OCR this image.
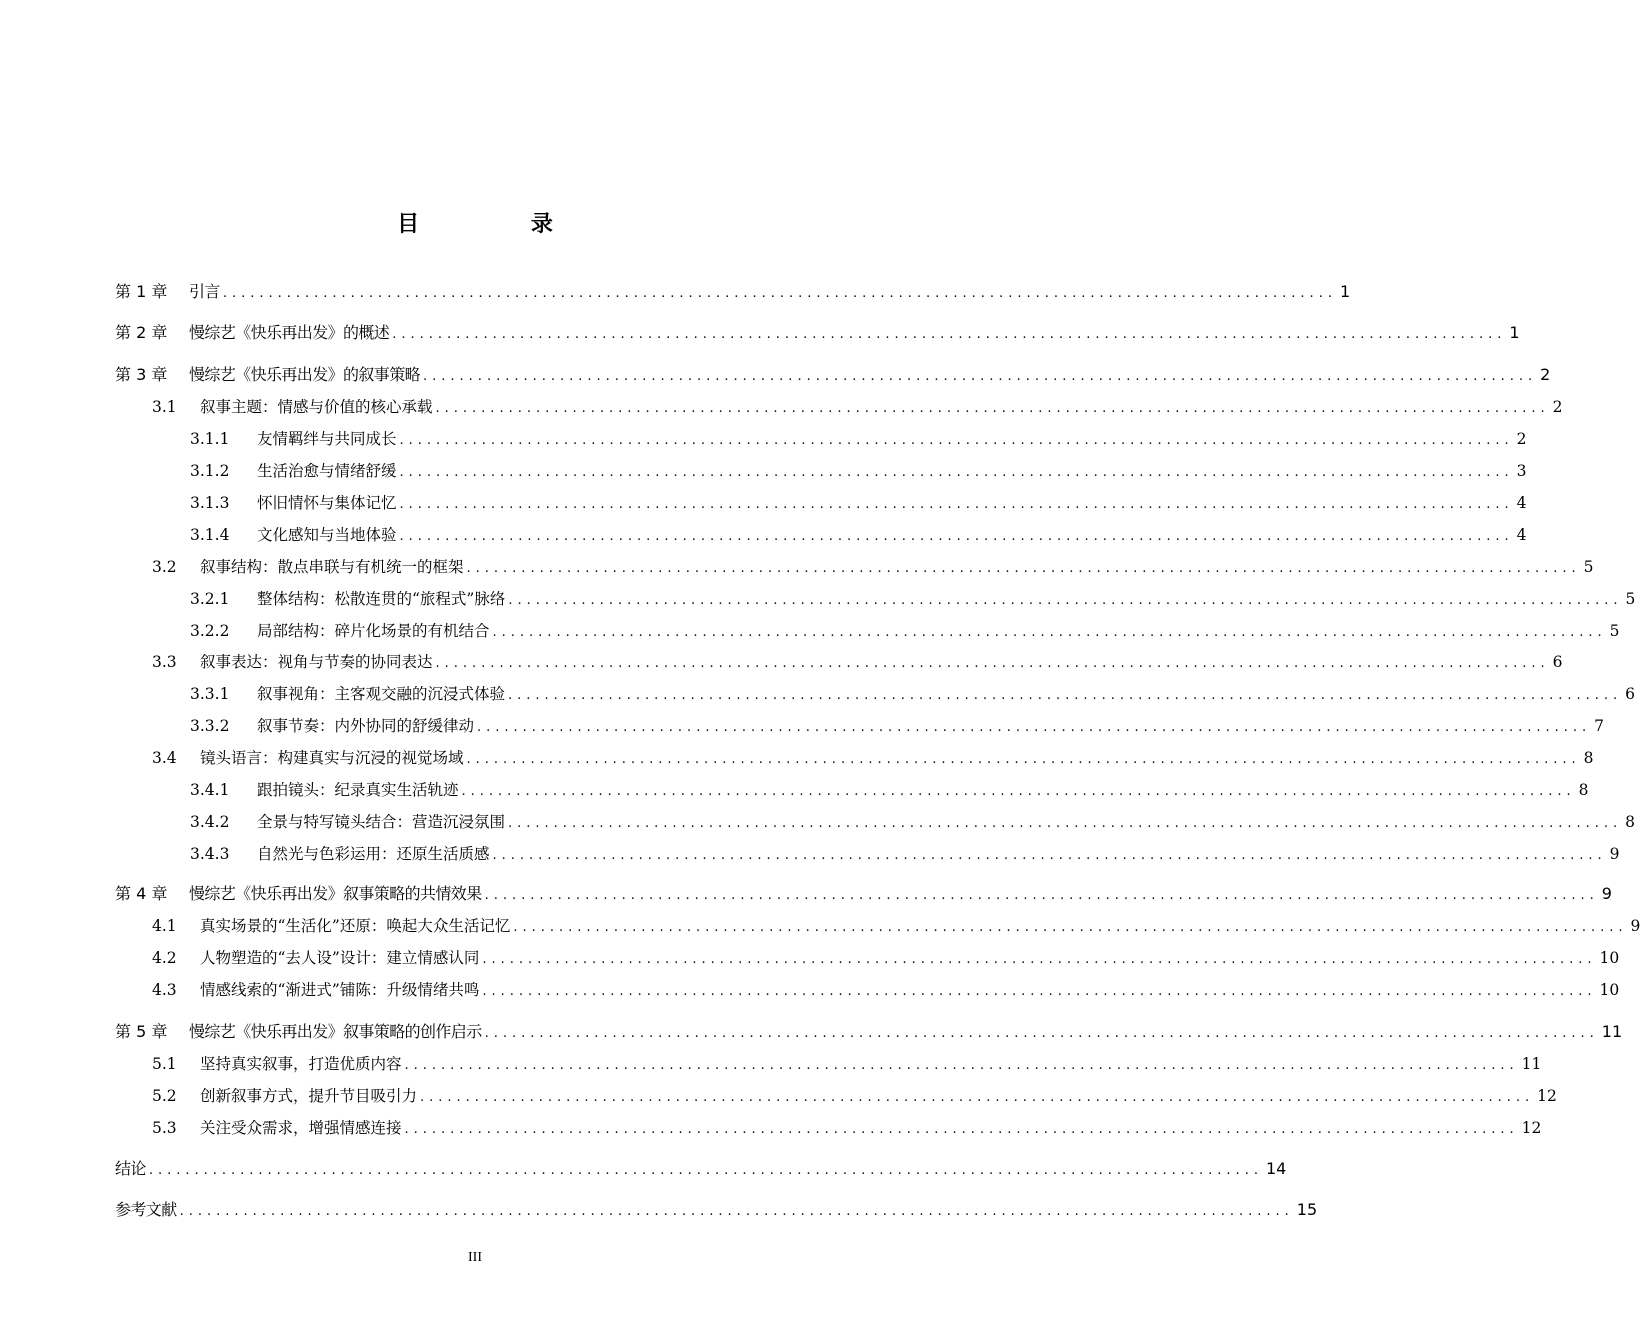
目 录
第 1 章	引言 .......................................................................................................................... 1
第 2 章	慢综艺《快乐再出发》的概述 .......................................................................................................................... 1
第 3 章	慢综艺《快乐再出发》的叙事策略 .......................................................................................................................... 2
3.1	叙事主题：情感与价值的核心承载 .......................................................................................................................... 2
3.1.1	友情羁绊与共同成长 .......................................................................................................................... 2
3.1.2	生活治愈与情绪舒缓 .......................................................................................................................... 3
3.1.3	怀旧情怀与集体记忆 .......................................................................................................................... 4
3.1.4	文化感知与当地体验 .......................................................................................................................... 4
3.2	叙事结构：散点串联与有机统一的框架 .......................................................................................................................... 5
3.2.1	整体结构：松散连贯的“旅程式”脉络 .......................................................................................................................... 5
3.2.2	局部结构：碎片化场景的有机结合 .......................................................................................................................... 5
3.3	叙事表达：视角与节奏的协同表达 .......................................................................................................................... 6
3.3.1	叙事视角：主客观交融的沉浸式体验 .......................................................................................................................... 6
3.3.2	叙事节奏：内外协同的舒缓律动 .......................................................................................................................... 7
3.4	镜头语言：构建真实与沉浸的视觉场域 .......................................................................................................................... 8
3.4.1	跟拍镜头：纪录真实生活轨迹 .......................................................................................................................... 8
3.4.2	全景与特写镜头结合：营造沉浸氛围 .......................................................................................................................... 8
3.4.3	自然光与色彩运用：还原生活质感 .......................................................................................................................... 9
第 4 章	慢综艺《快乐再出发》叙事策略的共情效果 .......................................................................................................................... 9
4.1	真实场景的“生活化”还原：唤起大众生活记忆 .......................................................................................................................... 9
4.2	人物塑造的“去人设”设计：建立情感认同 .......................................................................................................................... 10
4.3	情感线索的“渐进式”铺陈：升级情绪共鸣 .......................................................................................................................... 10
第 5 章	慢综艺《快乐再出发》叙事策略的创作启示 .......................................................................................................................... 11
5.1	坚持真实叙事，打造优质内容 .......................................................................................................................... 11
5.2	创新叙事方式，提升节目吸引力 .......................................................................................................................... 12
5.3	关注受众需求，增强情感连接 .......................................................................................................................... 12
结论 .......................................................................................................................... 14
参考文献 .......................................................................................................................... 15
III
